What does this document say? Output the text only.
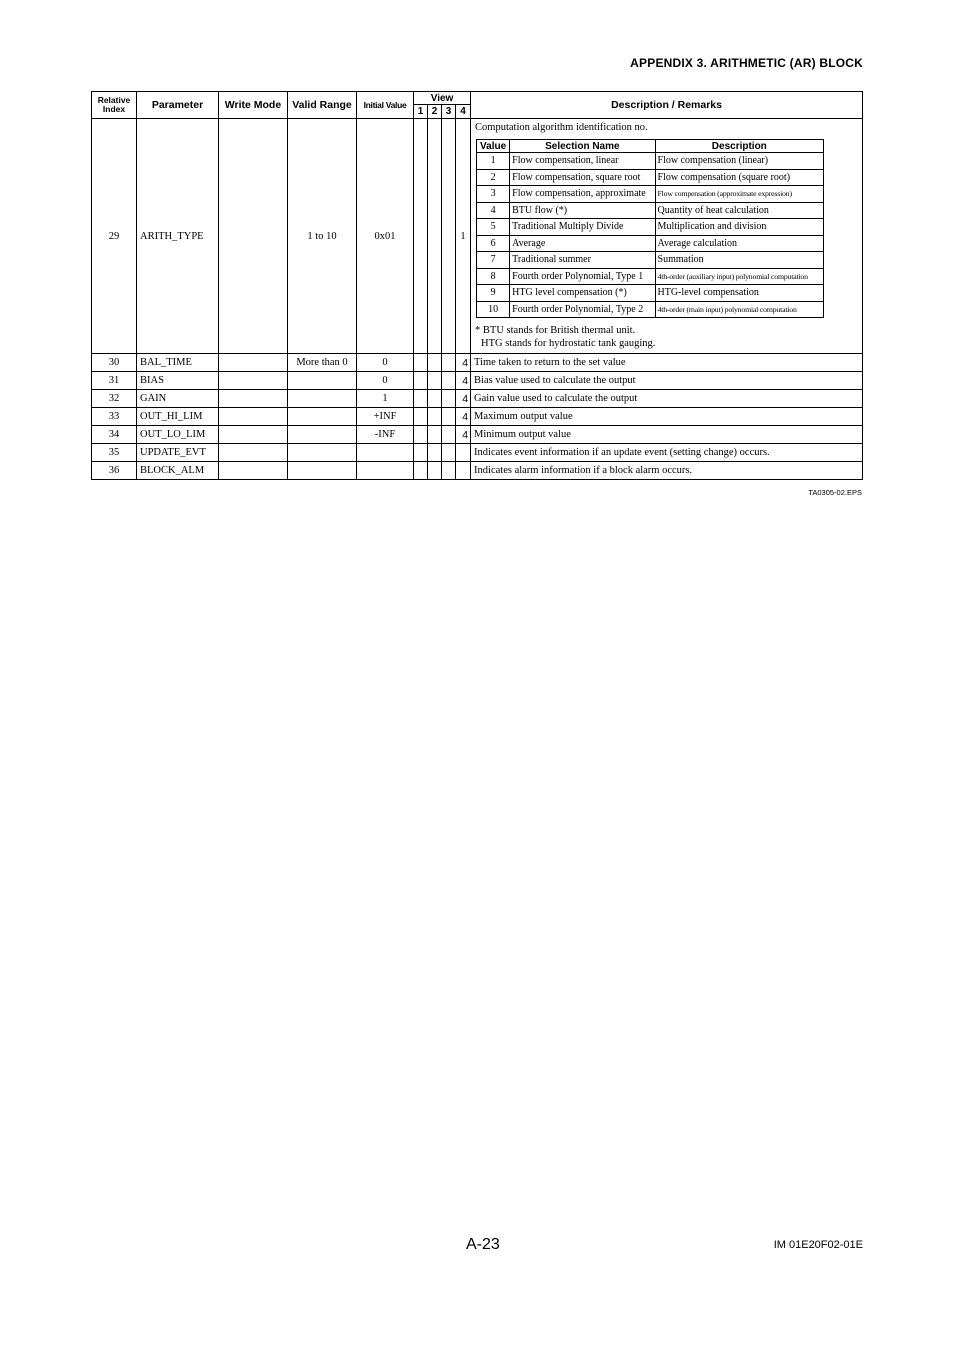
APPENDIX 3. ARITHMETIC (AR) BLOCK
Relative Index	Parameter	Write Mode	Valid Range	Initial Value	View	Description / Remarks
1	2	3	4
29	ARITH_TYPE		1 to 10	0x01				1	
Computation algorithm identification no.
Value	Selection Name	Description
1	Flow compensation, linear	Flow compensation (linear)
2	Flow compensation, square root	Flow compensation (square root)
3	Flow compensation, approximate	Flow compensation (approximate expression)
4	BTU flow (*)	Quantity of heat calculation
5	Traditional Multiply Divide	Multiplication and division
6	Average	Average calculation
7	Traditional summer	Summation
8	Fourth order Polynomial, Type 1	4th-order (auxiliary input) polynomial computation
9	HTG level compensation (*)	HTG-level compensation
10	Fourth order Polynomial, Type 2	4th-order (main input) polynomial computation
* BTU stands for British thermal unit.
HTG stands for hydrostatic tank gauging.

30	BAL_TIME		More than 0	0				4	Time taken to return to the set value
31	BIAS			0				4	Bias value used to calculate the output
32	GAIN			1				4	Gain value used to calculate the output
33	OUT_HI_LIM			+INF				4	Maximum output value
34	OUT_LO_LIM			-INF				4	Minimum output value
35	UPDATE_EVT								Indicates event information if an update event (setting change) occurs.
36	BLOCK_ALM								Indicates alarm information if a block alarm occurs.
TA0305-02.EPS
A-23	IM 01E20F02-01E
